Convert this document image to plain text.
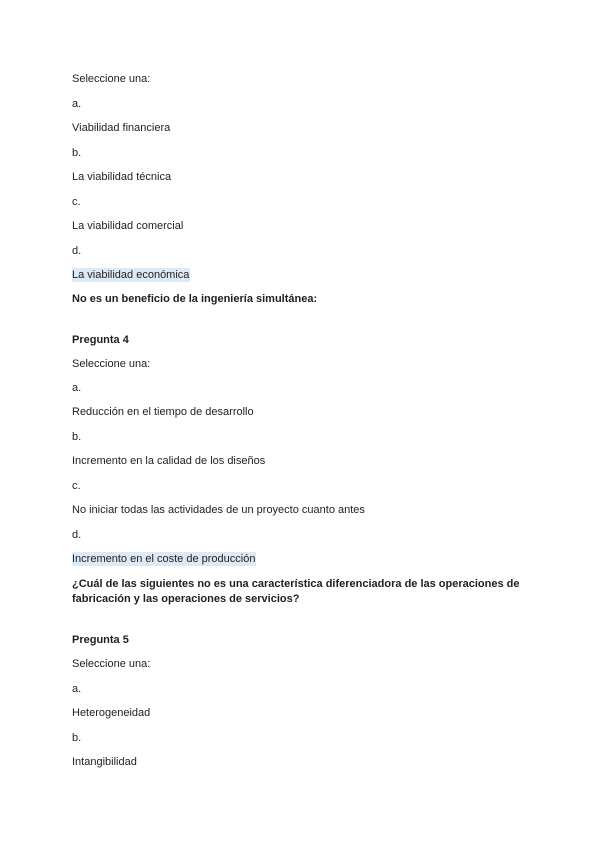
Seleccione una:
a.
Viabilidad financiera
b.
La viabilidad técnica
c.
La viabilidad comercial
d.
La viabilidad económica
No es un beneficio de la ingeniería simultánea:
Pregunta 4
Seleccione una:
a.
Reducción en el tiempo de desarrollo
b.
Incremento en la calidad de los diseños
c.
No iniciar todas las actividades de un proyecto cuanto antes
d.
Incremento en el coste de producción
¿Cuál de las siguientes no es una característica diferenciadora de las operaciones de fabricación y las operaciones de servicios?
Pregunta 5
Seleccione una:
a.
Heterogeneidad
b.
Intangibilidad
